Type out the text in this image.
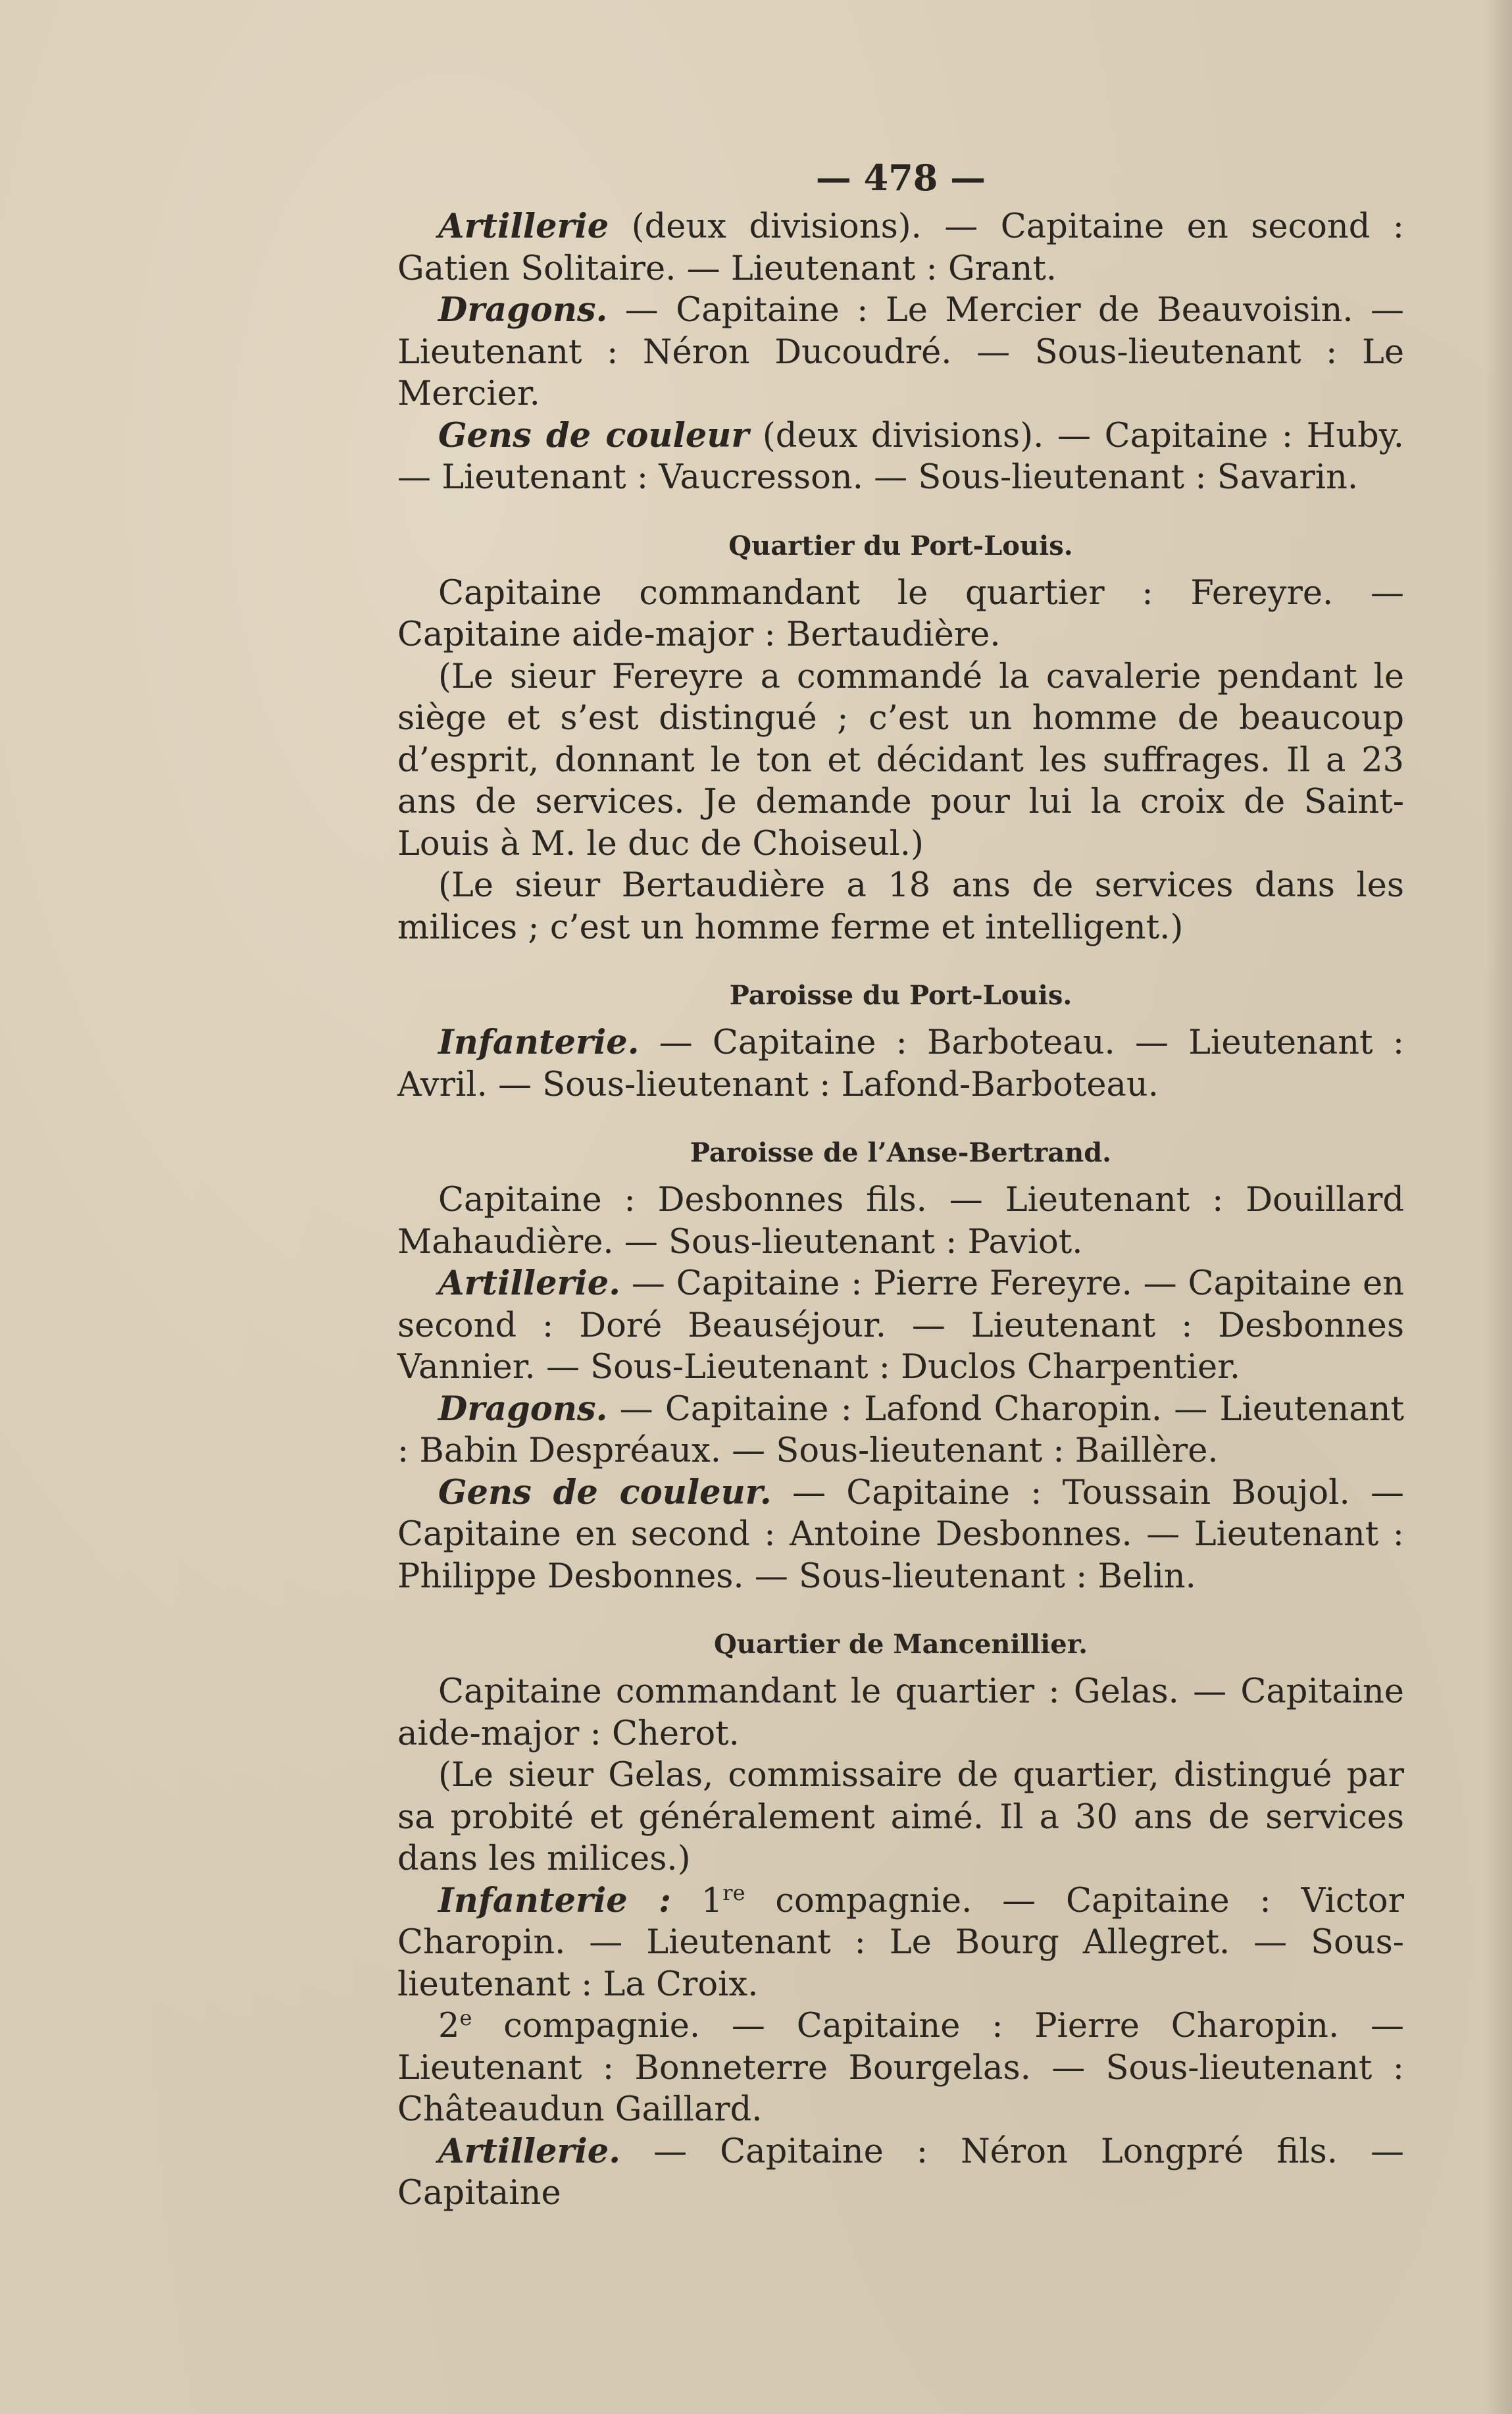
— 478 —

Artillerie (deux divisions). — Capitaine en second : Gatien Solitaire. — Lieutenant : Grant.

Dragons. — Capitaine : Le Mercier de Beauvoisin. — Lieutenant : Néron Ducoudré. — Sous-lieutenant : Le Mercier.

Gens de couleur (deux divisions). — Capitaine : Huby. — Lieutenant : Vaucresson. — Sous-lieutenant : Savarin.

Quartier du Port-Louis.

Capitaine commandant le quartier : Fereyre. — Capitaine aide-major : Bertaudière.

(Le sieur Fereyre a commandé la cavalerie pendant le siège et s’est distingué ; c’est un homme de beaucoup d’esprit, donnant le ton et décidant les suffrages. Il a 23 ans de services. Je demande pour lui la croix de Saint-Louis à M. le duc de Choiseul.)

(Le sieur Bertaudière a 18 ans de services dans les milices ; c’est un homme ferme et intelligent.)

Paroisse du Port-Louis.

Infanterie. — Capitaine : Barboteau. — Lieutenant : Avril. — Sous-lieutenant : Lafond-Barboteau.

Paroisse de l’Anse-Bertrand.

Capitaine : Desbonnes fils. — Lieutenant : Douillard Mahaudière. — Sous-lieutenant : Paviot.

Artillerie. — Capitaine : Pierre Fereyre. — Capitaine en second : Doré Beauséjour. — Lieutenant : Desbonnes Vannier. — Sous-Lieutenant : Duclos Charpentier.

Dragons. — Capitaine : Lafond Charopin. — Lieutenant : Babin Despréaux. — Sous-lieutenant : Baillère.

Gens de couleur. — Capitaine : Toussain Boujol. — Capitaine en second : Antoine Desbonnes. — Lieutenant : Philippe Desbonnes. — Sous-lieutenant : Belin.

Quartier de Mancenillier.

Capitaine commandant le quartier : Gelas. — Capitaine aide-major : Cherot.

(Le sieur Gelas, commissaire de quartier, distingué par sa probité et généralement aimé. Il a 30 ans de services dans les milices.)

Infanterie : 1re compagnie. — Capitaine : Victor Charopin. — Lieutenant : Le Bourg Allegret. — Sous-lieutenant : La Croix.

2e compagnie. — Capitaine : Pierre Charopin. — Lieutenant : Bonneterre Bourgelas. — Sous-lieutenant : Châteaudun Gaillard.

Artillerie. — Capitaine : Néron Longpré fils. — Capitaine
